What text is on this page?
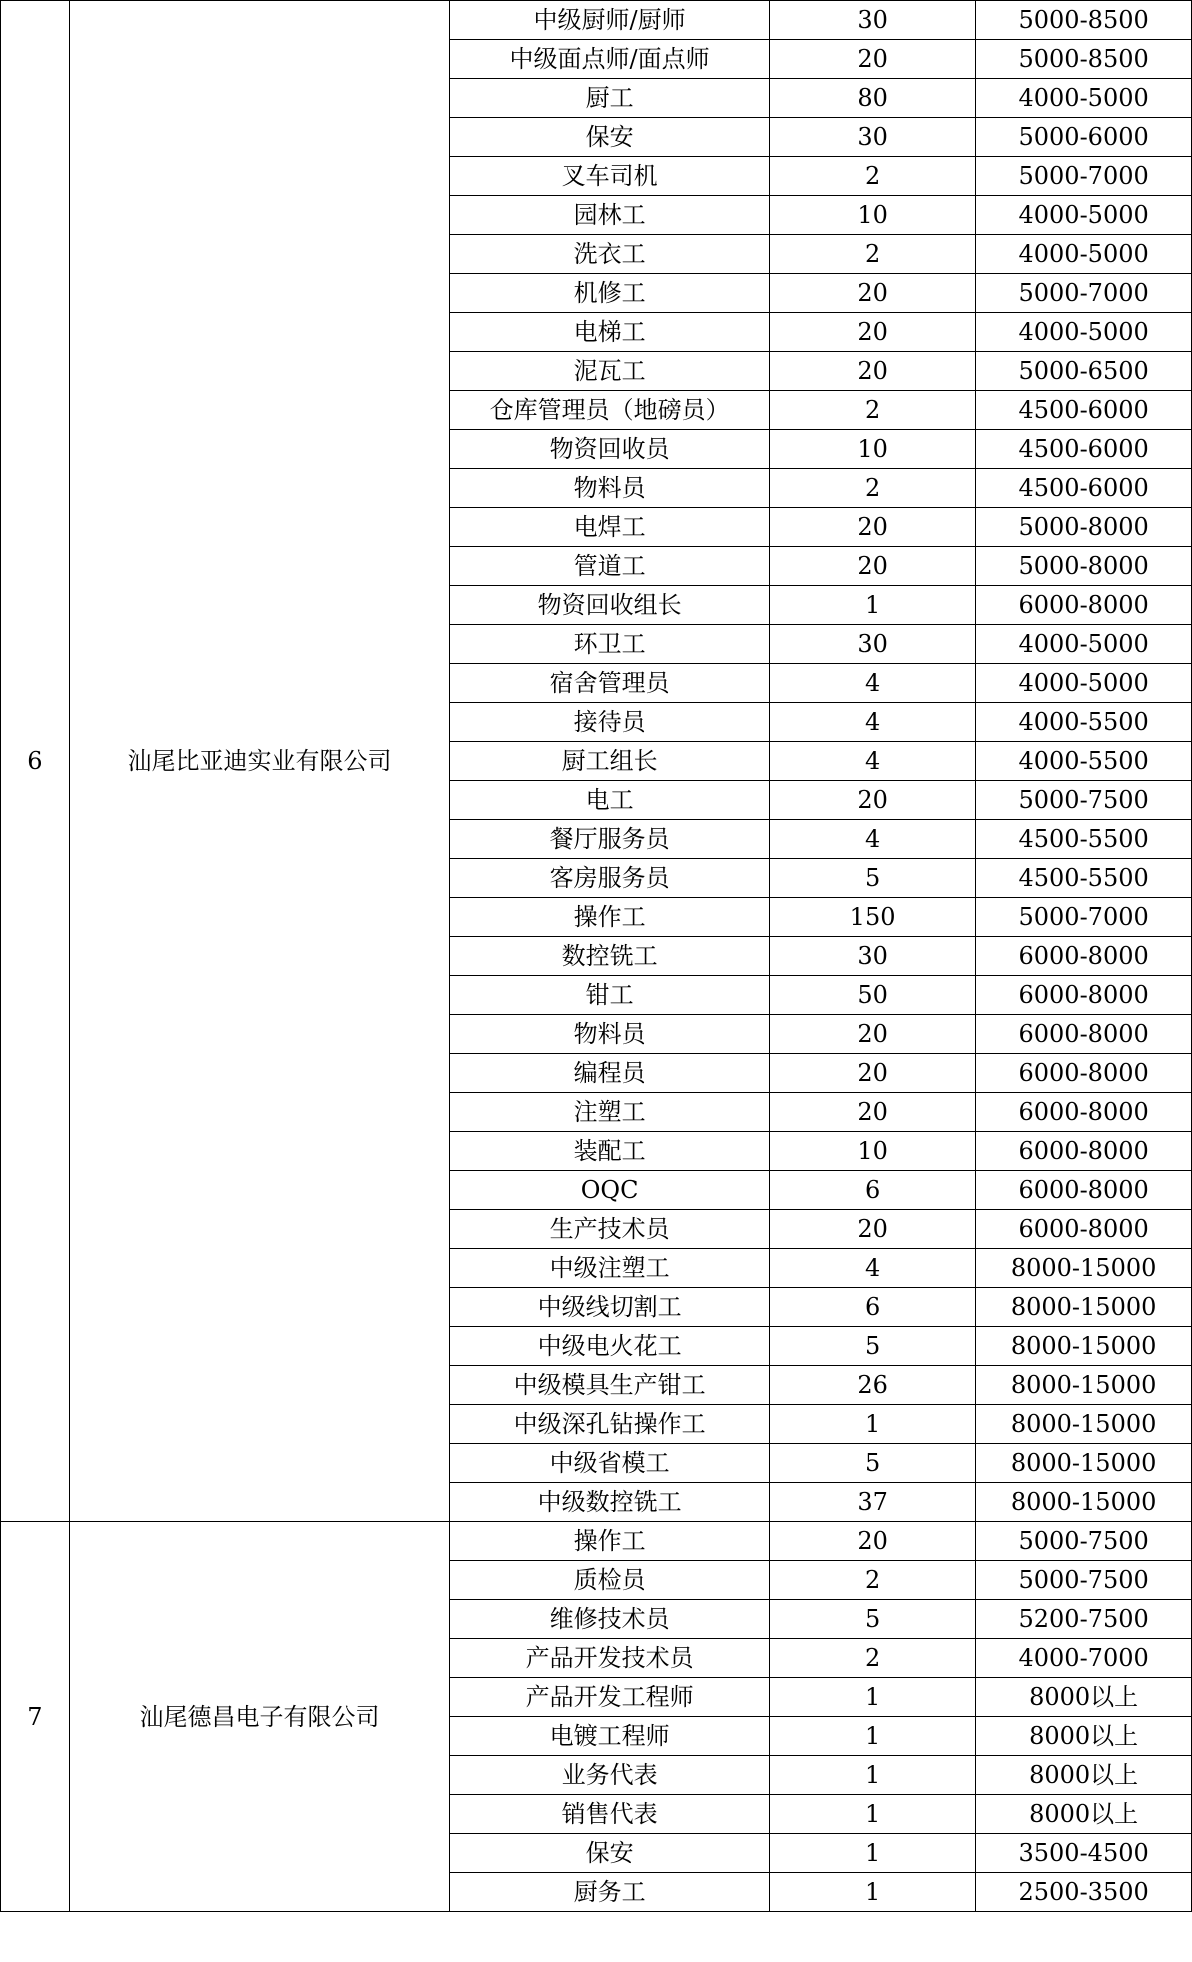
6	汕尾比亚迪实业有限公司	中级厨师/厨师	30	5000-8500
		中级面点师/面点师	20	5000-8500
		厨工	80	4000-5000
		保安	30	5000-6000
		叉车司机	2	5000-7000
		园林工	10	4000-5000
		洗衣工	2	4000-5000
		机修工	20	5000-7000
		电梯工	20	4000-5000
		泥瓦工	20	5000-6500
		仓库管理员（地磅员）	2	4500-6000
		物资回收员	10	4500-6000
		物料员	2	4500-6000
		电焊工	20	5000-8000
		管道工	20	5000-8000
		物资回收组长	1	6000-8000
		环卫工	30	4000-5000
		宿舍管理员	4	4000-5000
		接待员	4	4000-5500
		厨工组长	4	4000-5500
		电工	20	5000-7500
		餐厅服务员	4	4500-5500
		客房服务员	5	4500-5500
		操作工	150	5000-7000
		数控铣工	30	6000-8000
		钳工	50	6000-8000
		物料员	20	6000-8000
		编程员	20	6000-8000
		注塑工	20	6000-8000
		装配工	10	6000-8000
		OQC	6	6000-8000
		生产技术员	20	6000-8000
		中级注塑工	4	8000-15000
		中级线切割工	6	8000-15000
		中级电火花工	5	8000-15000
		中级模具生产钳工	26	8000-15000
		中级深孔钻操作工	1	8000-15000
		中级省模工	5	8000-15000
		中级数控铣工	37	8000-15000
7	汕尾德昌电子有限公司	操作工	20	5000-7500
		质检员	2	5000-7500
		维修技术员	5	5200-7500
		产品开发技术员	2	4000-7000
		产品开发工程师	1	8000以上
		电镀工程师	1	8000以上
		业务代表	1	8000以上
		销售代表	1	8000以上
		保安	1	3500-4500
		厨务工	1	2500-3500
